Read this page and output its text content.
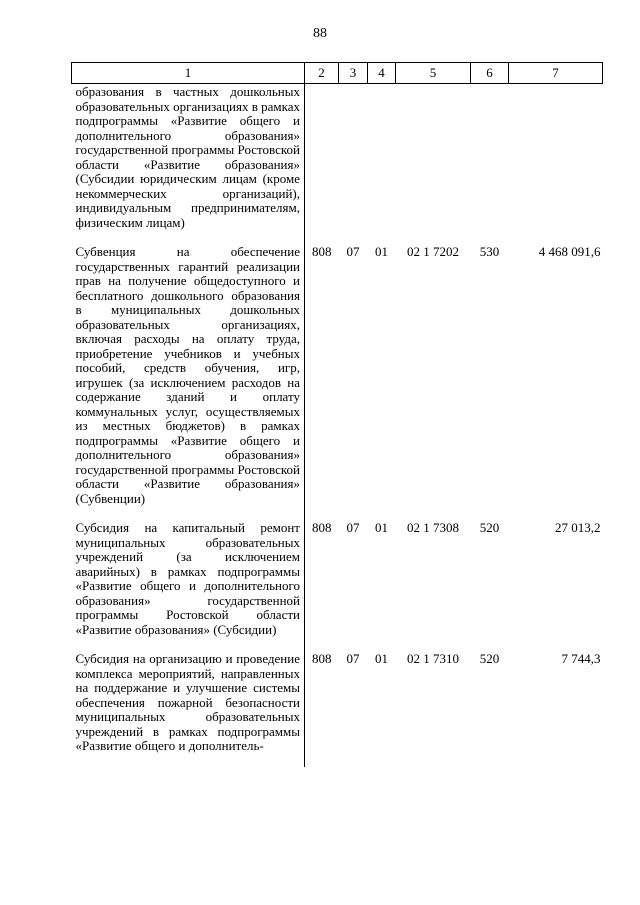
88
1	2	3	4	5	6	7
образования в частных дошкольных образовательных организациях в рамках подпрограммы «Развитие общего и дополнительного образования» государственной программы Ростовской области «Развитие образования» (Субсидии юридическим лицам (кроме некоммерческих организаций), индивидуальным предпринимателям, физическим лицам)						
Субвенция на обеспечение государственных гарантий реализации прав на получение общедоступного и бесплатного дошкольного образования в муниципальных дошкольных образовательных организациях, включая расходы на оплату труда, приобретение учебников и учебных пособий, средств обучения, игр, игрушек (за исключением расходов на содержание зданий и оплату коммунальных услуг, осуществляемых из местных бюджетов) в рамках подпрограммы «Развитие общего и дополнительного образования» государственной программы Ростовской области «Развитие образования» (Субвенции)	808	07	01	02 1 7202	530	4 468 091,6
Субсидия на капитальный ремонт муниципальных образовательных учреждений (за исключением аварийных) в рамках подпрограммы «Развитие общего и дополнительного образования» государственной программы Ростовской области «Развитие образования» (Субсидии)	808	07	01	02 1 7308	520	27 013,2
Субсидия на организацию и проведение комплекса мероприятий, направленных на поддержание и улучшение системы обеспечения пожарной безопасности муниципальных образовательных учреждений в рамках подпрограммы «Развитие общего и дополнитель-	808	07	01	02 1 7310	520	7 744,3
